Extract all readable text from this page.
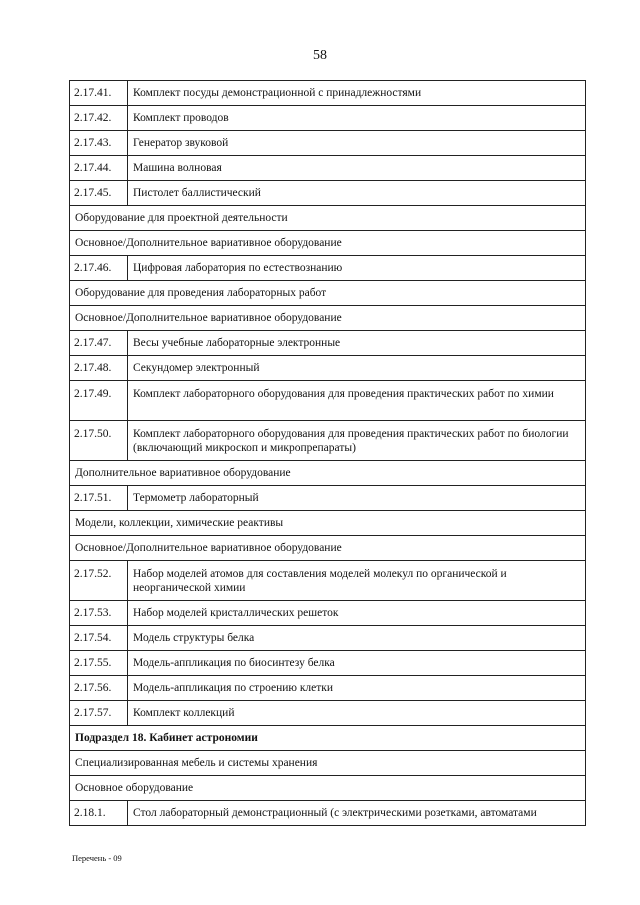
58
2.17.41.	Комплект посуды демонстрационной с принадлежностями
2.17.42.	Комплект проводов
2.17.43.	Генератор звуковой
2.17.44.	Машина волновая
2.17.45.	Пистолет баллистический
Оборудование для проектной деятельности	
Основное/Дополнительное вариативное оборудование	
2.17.46.	Цифровая лаборатория по естествознанию
Оборудование для проведения лабораторных работ	
Основное/Дополнительное вариативное оборудование	
2.17.47.	Весы учебные лабораторные электронные
2.17.48.	Секундомер электронный
2.17.49.	Комплект лабораторного оборудования для проведения практических работ по химии
2.17.50.	Комплект лабораторного оборудования для проведения практических работ по биологии (включающий микроскоп и микропрепараты)
Дополнительное вариативное оборудование	
2.17.51.	Термометр лабораторный
Модели, коллекции, химические реактивы	
Основное/Дополнительное вариативное оборудование	
2.17.52.	Набор моделей атомов для составления моделей молекул по органической и неорганической химии
2.17.53.	Набор моделей кристаллических решеток
2.17.54.	Модель структуры белка
2.17.55.	Модель-аппликация по биосинтезу белка
2.17.56.	Модель-аппликация по строению клетки
2.17.57.	Комплект коллекций
Подраздел 18. Кабинет астрономии	
Специализированная мебель и системы хранения	
Основное оборудование	
2.18.1.	Стол лабораторный демонстрационный (с электрическими розетками, автоматами
Перечень - 09
